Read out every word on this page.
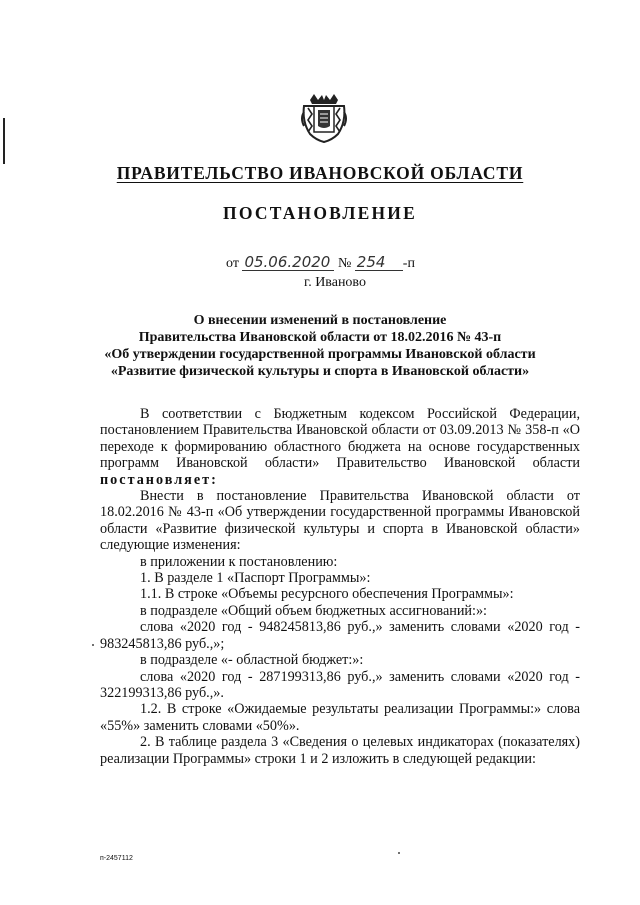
ПРАВИТЕЛЬСТВО ИВАНОВСКОЙ ОБЛАСТИ
ПОСТАНОВЛЕНИЕ
от 05.06.2020 № 254 -п
г. Иваново
О внесении изменений в постановление
Правительства Ивановской области от 18.02.2016 № 43-п
«Об утверждении государственной программы Ивановской области
«Развитие физической культуры и спорта в Ивановской области»

В соответствии с Бюджетным кодексом Российской Федерации, постановлением Правительства Ивановской области от 03.09.2013 № 358-п «О переходе к формированию областного бюджета на основе государственных программ Ивановской области» Правительство Ивановской области постановляет:

Внести в постановление Правительства Ивановской области от 18.02.2016 № 43-п «Об утверждении государственной программы Ивановской области «Развитие физической культуры и спорта в Ивановской области» следующие изменения:

в приложении к постановлению:

1. В разделе 1 «Паспорт Программы»:

1.1. В строке «Объемы ресурсного обеспечения Программы»:

в подразделе «Общий объем бюджетных ассигнований:»:

слова «2020 год - 948245813,86 руб.,» заменить словами «2020 год - 983245813,86 руб.,»;

в подразделе «- областной бюджет:»:

слова «2020 год - 287199313,86 руб.,» заменить словами «2020 год - 322199313,86 руб.,».

1.2. В строке «Ожидаемые результаты реализации Программы:» слова «55%» заменить словами «50%».

2. В таблице раздела 3 «Сведения о целевых индикаторах (показателях) реализации Программы» строки 1 и 2 изложить в следующей редакции:

п-2457112
